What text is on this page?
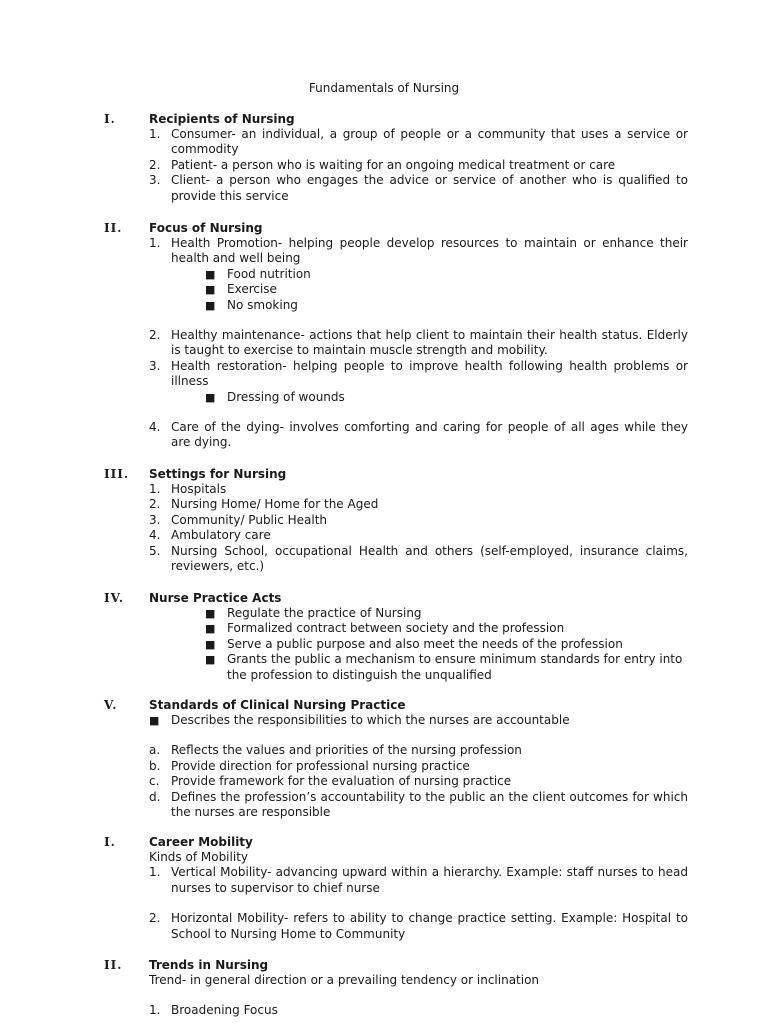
Fundamentals of Nursing
I.	Recipients of Nursing
1. Consumer- an individual, a group of people or a community that uses a service or commodity
2. Patient- a person who is waiting for an ongoing medical treatment or care
3. Client- a person who engages the advice or service of another who is qualified to provide this service
II. Focus of Nursing
1. Health Promotion- helping people develop resources to maintain or enhance their health and well being
■ Food nutrition
■ Exercise
■ No smoking
2. Healthy maintenance- actions that help client to maintain their health status. Elderly is taught to exercise to maintain muscle strength and mobility.
3. Health restoration- helping people to improve health following health problems or illness
■ Dressing of wounds
4. Care of the dying- involves comforting and caring for people of all ages while they are dying.
III. Settings for Nursing
1. Hospitals
2. Nursing Home/ Home for the Aged
3. Community/ Public Health
4. Ambulatory care
5. Nursing School, occupational Health and others (self-employed, insurance claims, reviewers, etc.)
IV. Nurse Practice Acts
■ Regulate the practice of Nursing
■ Formalized contract between society and the profession
■ Serve a public purpose and also meet the needs of the profession
■ Grants the public a mechanism to ensure minimum standards for entry into the profession to distinguish the unqualified
V.	Standards of Clinical Nursing Practice
■ Describes the responsibilities to which the nurses are accountable
a. Reflects the values and priorities of the nursing profession
b. Provide direction for professional nursing practice
c. Provide framework for the evaluation of nursing practice
d. Defines the profession’s accountability to the public an the client outcomes for which the nurses are responsible
I.	Career Mobility
Kinds of Mobility
1. Vertical Mobility- advancing upward within a hierarchy. Example: staff nurses to head nurses to supervisor to chief nurse
2. Horizontal Mobility- refers to ability to change practice setting. Example: Hospital to School to Nursing Home to Community
II. Trends in Nursing
Trend- in general direction or a prevailing tendency or inclination
1. Broadening Focus
